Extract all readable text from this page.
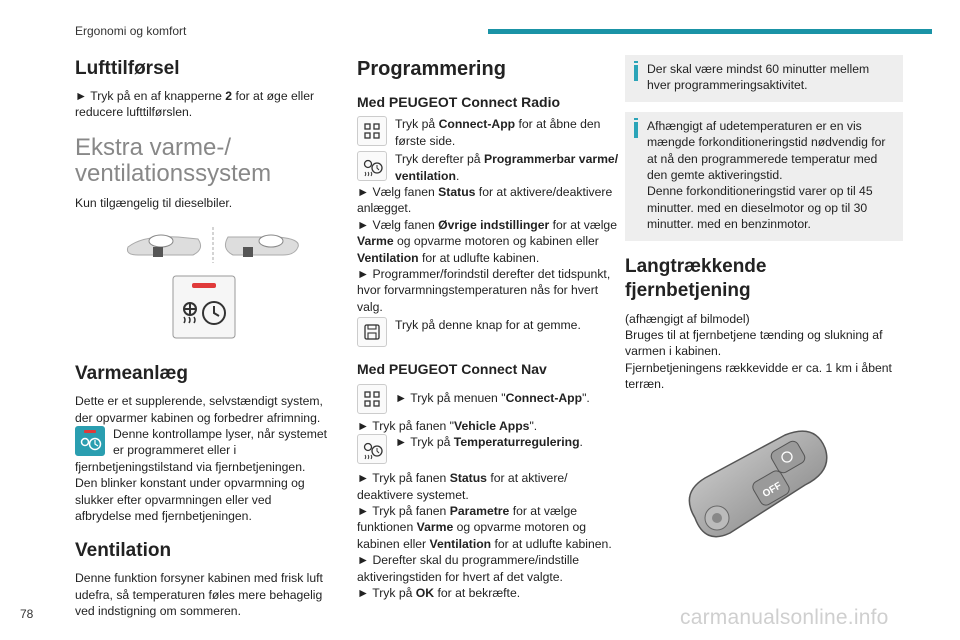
Ergonomi og komfort
Lufttilførsel

► Tryk på en af knapperne 2 for at øge eller reducere lufttilførslen.

Ekstra varme-/ ventilationssystem

Kun tilgængelig til dieselbiler.

Varmeanlæg

Dette er et supplerende, selvstændigt system, der opvarmer kabinen og forbedrer afrimning.

Denne kontrollampe lyser, når systemet er programmeret eller i fjernbetjeningstilstand via fjernbetjeningen.

Den blinker konstant under opvarmning og slukker efter opvarmningen eller ved afbrydelse med fjernbetjeningen.

Ventilation

Denne funktion forsyner kabinen med frisk luft udefra, så temperaturen føles mere behagelig ved indstigning om sommeren.

Programmering
Med PEUGEOT Connect Radio

Tryk på Connect-App for at åbne den første side.

Tryk derefter på Programmerbar varme/ ventilation.

► Vælg fanen Status for at aktivere/deaktivere anlægget.

► Vælg fanen Øvrige indstillinger for at vælge Varme og opvarme motoren og kabinen eller Ventilation for at udlufte kabinen.

► Programmer/forindstil derefter det tidspunkt, hvor forvarmningstemperaturen nås for hvert valg.

Tryk på denne knap for at gemme.

Med PEUGEOT Connect Nav

► Tryk på menuen "Connect-App".

► Tryk på fanen "Vehicle Apps".

► Tryk på Temperaturregulering.

► Tryk på fanen Status for at aktivere/ deaktivere systemet.

► Tryk på fanen Parametre for at vælge funktionen Varme og opvarme motoren og kabinen eller Ventilation for at udlufte kabinen.

► Derefter skal du programmere/indstille aktiveringstiden for hvert af det valgte.

► Tryk på OK for at bekræfte.

Der skal være mindst 60 minutter mellem hver programmeringsaktivitet.

Afhængigt af udetemperaturen er en vis mængde forkonditioneringstid nødvendig for at nå den programmerede temperatur med den gemte aktiveringstid.

Denne forkonditioneringstid varer op til 45 minutter. med en dieselmotor og op til 30 minutter. med en benzinmotor.

Langtrækkende fjernbetjening

(afhængigt af bilmodel)

Bruges til at fjernbetjene tænding og slukning af varmen i kabinen.

Fjernbetjeningens rækkevidde er ca. 1 km i åbent terræn.

OFF
78	carmanualsonline.info
